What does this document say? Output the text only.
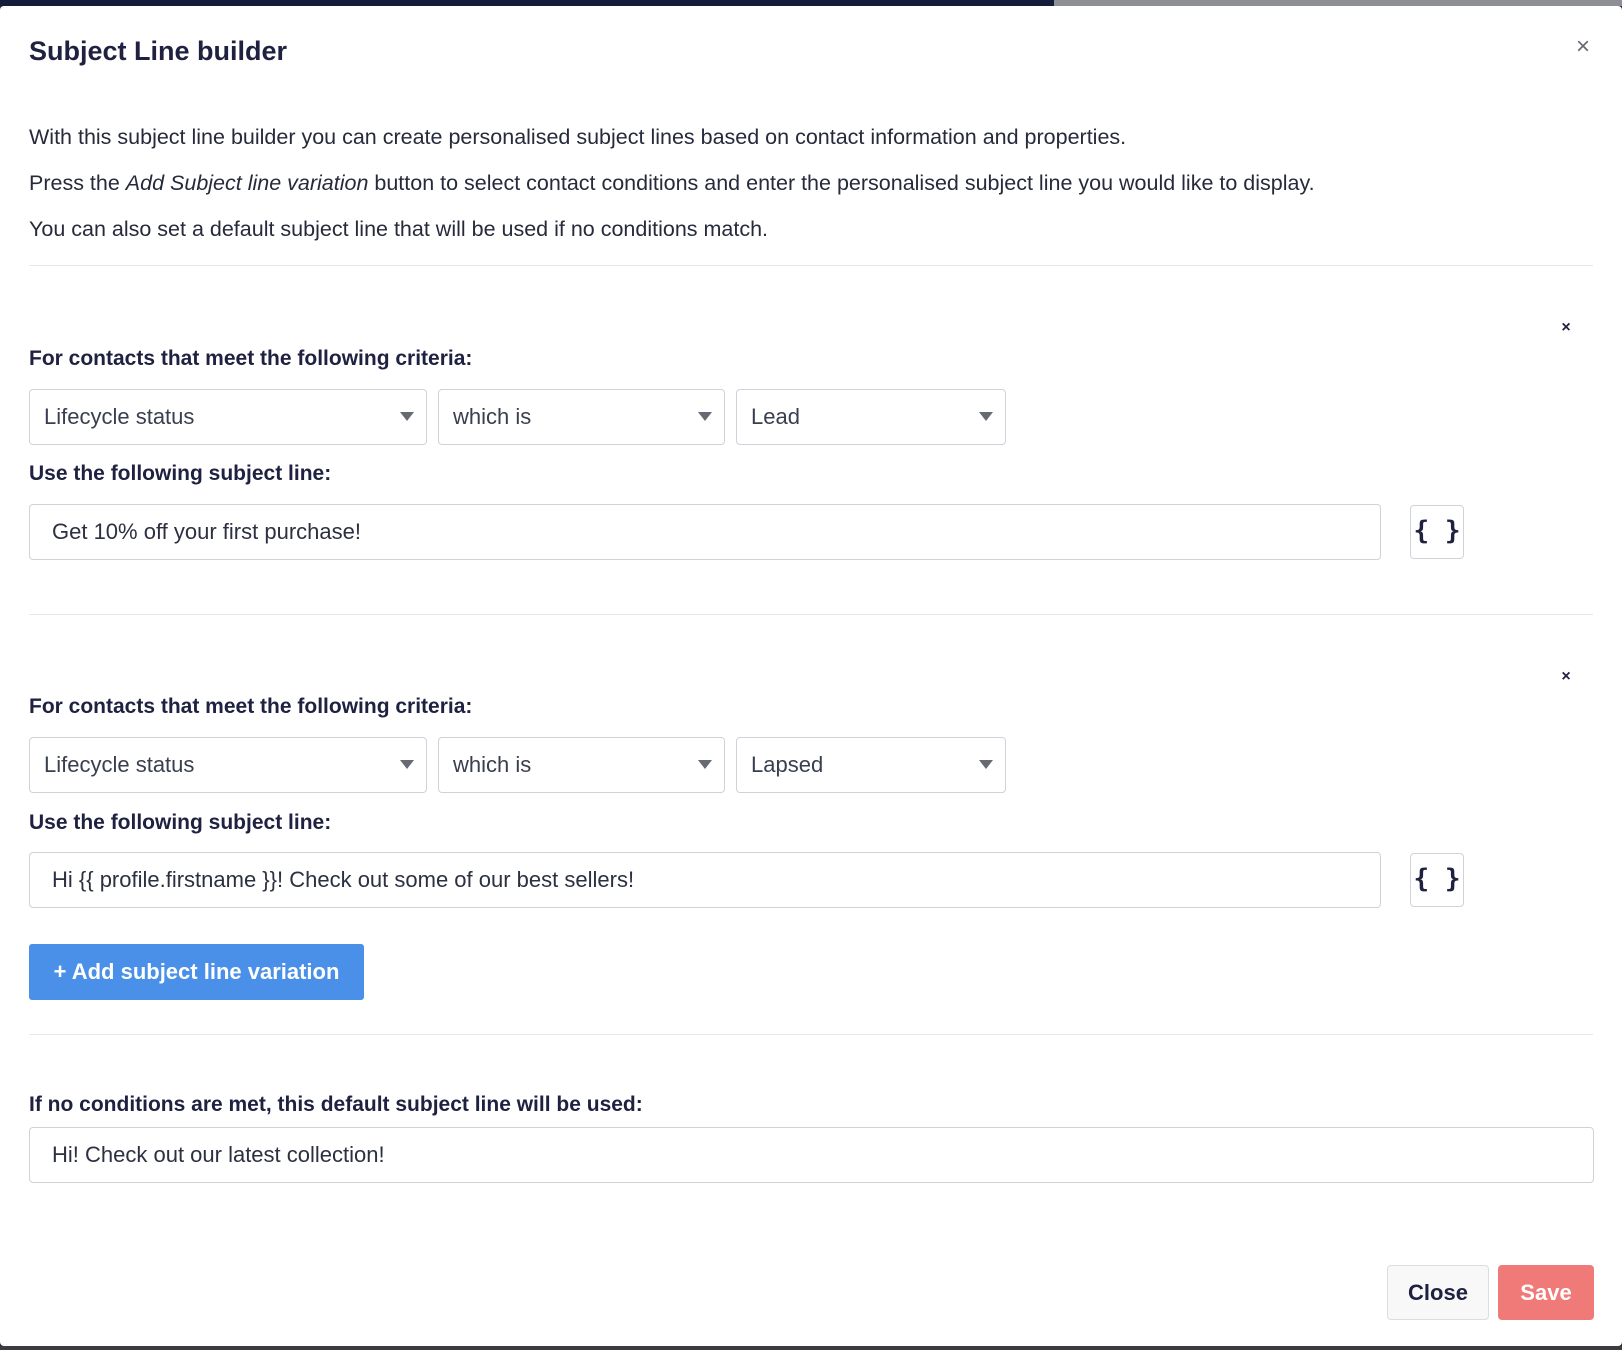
Subject Line builder	×

With this subject line builder you can create personalised subject lines based on contact information and properties.

Press the Add Subject line variation button to select contact conditions and enter the personalised subject line you would like to display.

You can also set a default subject line that will be used if no conditions match.

×

For contacts that meet the following criteria:

Lifecycle status	which is	Lead

Use the following subject line:

Get 10% off your first purchase!
{ }
×

For contacts that meet the following criteria:

Lifecycle status	which is	Lapsed

Use the following subject line:

Hi {{ profile.firstname }}! Check out some of our best sellers!
{ }
+ Add subject line variation

If no conditions are met, this default subject line will be used:

Hi! Check out our latest collection!
Close	Save
